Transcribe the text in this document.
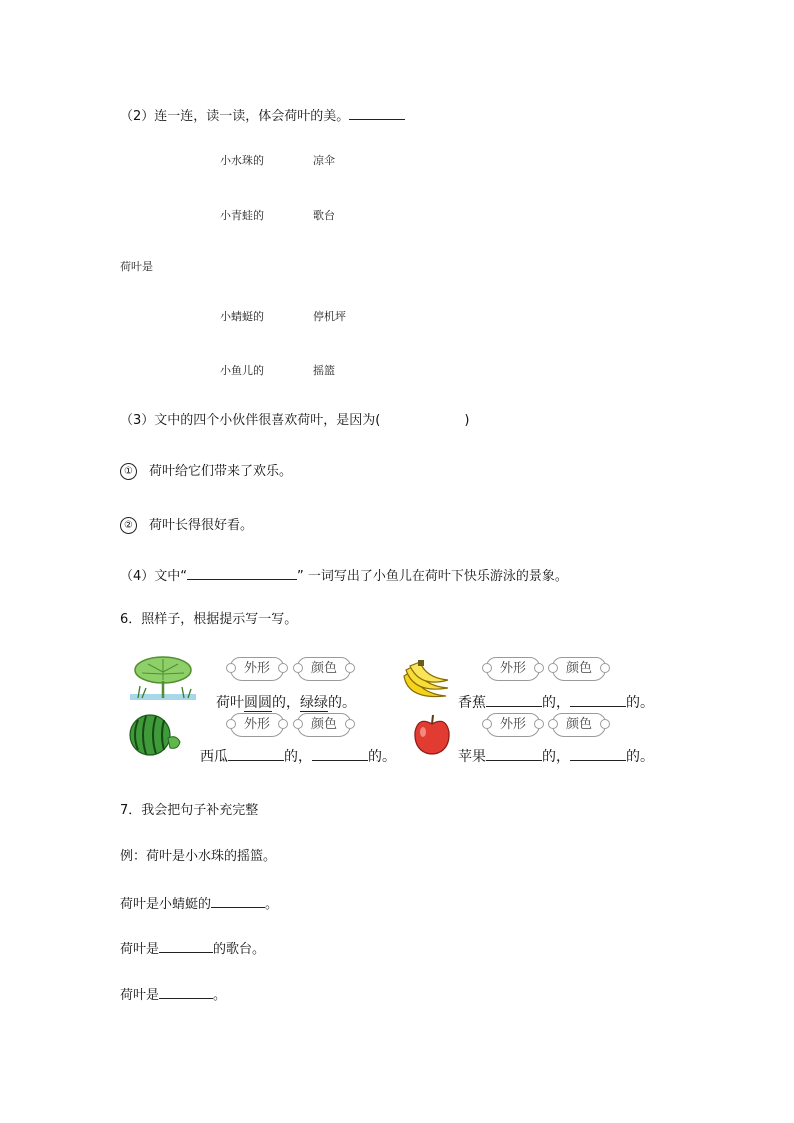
（2）连一连，读一读，体会荷叶的美。
小水珠的	凉伞
小青蛙的	歌台
荷叶是
小蜻蜓的	停机坪
小鱼儿的	摇篮
（3）文中的四个小伙伴很喜欢荷叶，是因为(	)
① 荷叶给它们带来了欢乐。
② 荷叶长得很好看。
（4）文中“	” 一词写出了小鱼儿在荷叶下快乐游泳的景象。
6．照样子，根据提示写一写。
外形	颜色
荷叶圆圆的，绿绿的。
外形	颜色
香蕉	的，	的。
外形	颜色
西瓜	的，	的。
外形	颜色
苹果	的，	的。
7．我会把句子补充完整
例：荷叶是小水珠的摇篮。
荷叶是小蜻蜓的	。
荷叶是	的歌台。
荷叶是	。
